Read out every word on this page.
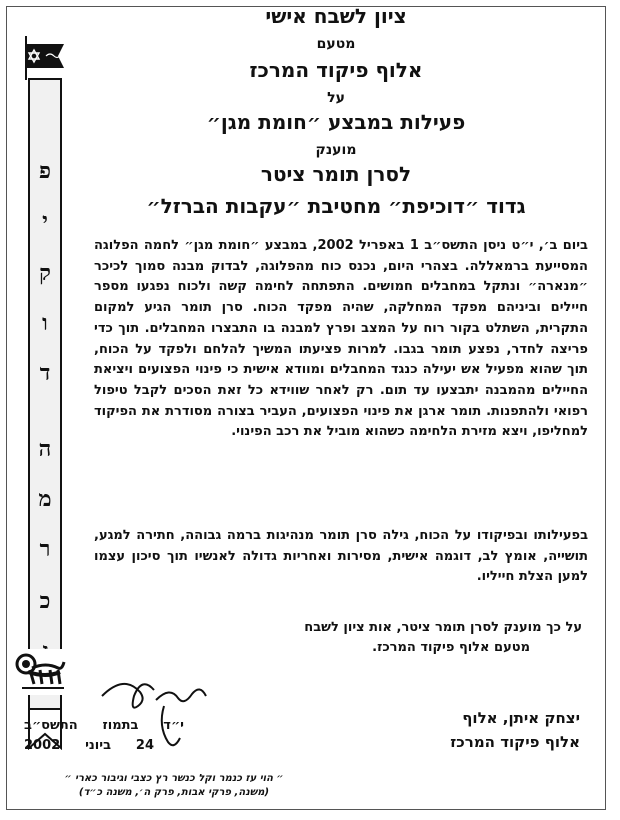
פ
י
ק
ו
ד
ה
מ
ר
כ
ציון לשבח אישי
מטעם
אלוף פיקוד המרכז
על
פעילות במבצע ״חומת מגן״
מוענק
לסרן תומר ציטר
גדוד ״דוכיפת״ מחטיבת ״עקבות הברזל״
ביום ב׳, י״ט ניסן התשס״ב 1 באפריל 2002, במבצע ״חומת מגן״ לחמה הפלוגה המסייעת ברמאללה. בצהרי היום, נכנס כוח מהפלוגה, לבדוק מבנה סמוך לכיכר ״מנארה״ ונתקל במחבלים חמושים. התפתחה לחימה קשה ולכוח נפגעו מספר חיילים וביניהם מפקד המחלקה, שהיה מפקד הכוח. סרן תומר הגיע למקום התקרית, השתלט בקור רוח על המצב ופרץ למבנה בו התבצרו המחבלים. תוך כדי פריצה לחדר, נפצע תומר בגבו. למרות פציעתו המשיך להלחם ולפקד על הכוח, תוך שהוא מפעיל אש יעילה כנגד המחבלים ומוודא אישית כי פינוי הפצועים ויציאת החיילים מהמבנה יתבצעו עד תום. רק לאחר שווידא כל זאת הסכים לקבל טיפול רפואי ולהתפנות. תומר ארגן את פינוי הפצועים, העביר בצורה מסודרת את הפיקוד למחליפו, ויצא מזירת הלחימה כשהוא מוביל את רכב הפינוי.
בפעילותו ובפיקודו על הכוח, גילה סרן תומר מנהיגות ברמה גבוהה, חתירה למגע, תושייה, אומץ לב, דוגמה אישית, מסירות ואחריות גדולה לאנשיו תוך סיכון עצמו למען הצלת חייליו.
על כך מוענק לסרן תומר ציטר, אות ציון לשבח
מטעם אלוף פיקוד המרכז.
יצחק איתן, אלוף
אלוף פיקוד המרכז
י״ד
בתמוז
התשס״ב
24
ביוני
2002
״ הוי עז כנמר וקל כנשר רץ כצבי וגיבור כארי ״
(משנה, פרקי אבות, פרק ה׳, משנה כ״ד)
